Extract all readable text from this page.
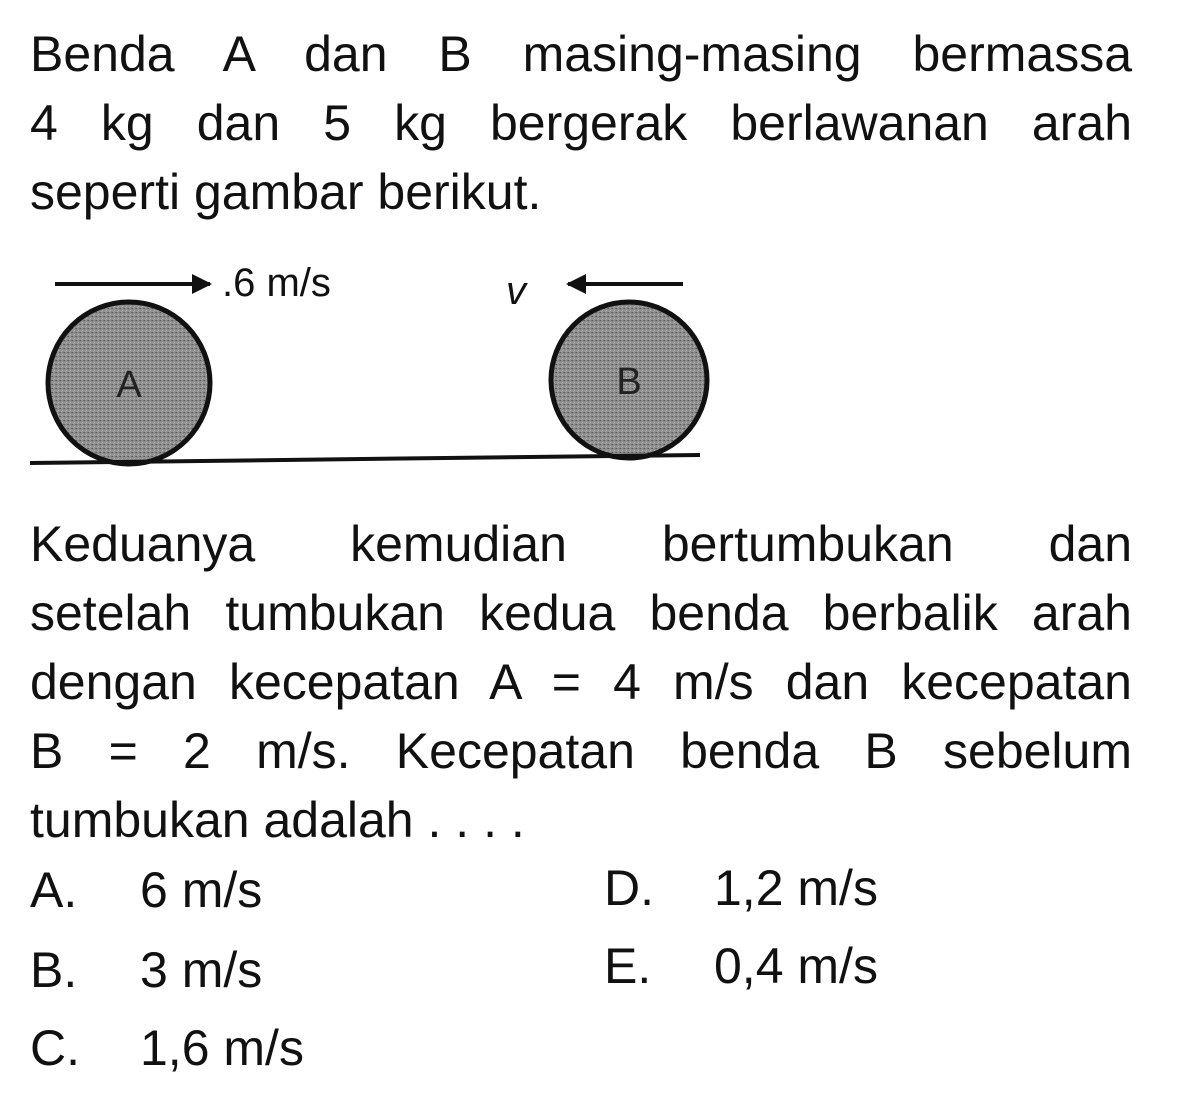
Benda A dan B masing-masing bermassa
4 kg dan 5 kg bergerak berlawanan arah
seperti gambar berikut.
.6 m/s	v
A	B
Keduanya kemudian bertumbukan dan
setelah tumbukan kedua benda berbalik arah
dengan kecepatan A = 4 m/s dan kecepatan
B = 2 m/s. Kecepatan benda B sebelum
tumbukan adalah . . . .
A. 6 m/s
B. 3 m/s
C. 1,6 m/s
D. 1,2 m/s
E. 0,4 m/s
